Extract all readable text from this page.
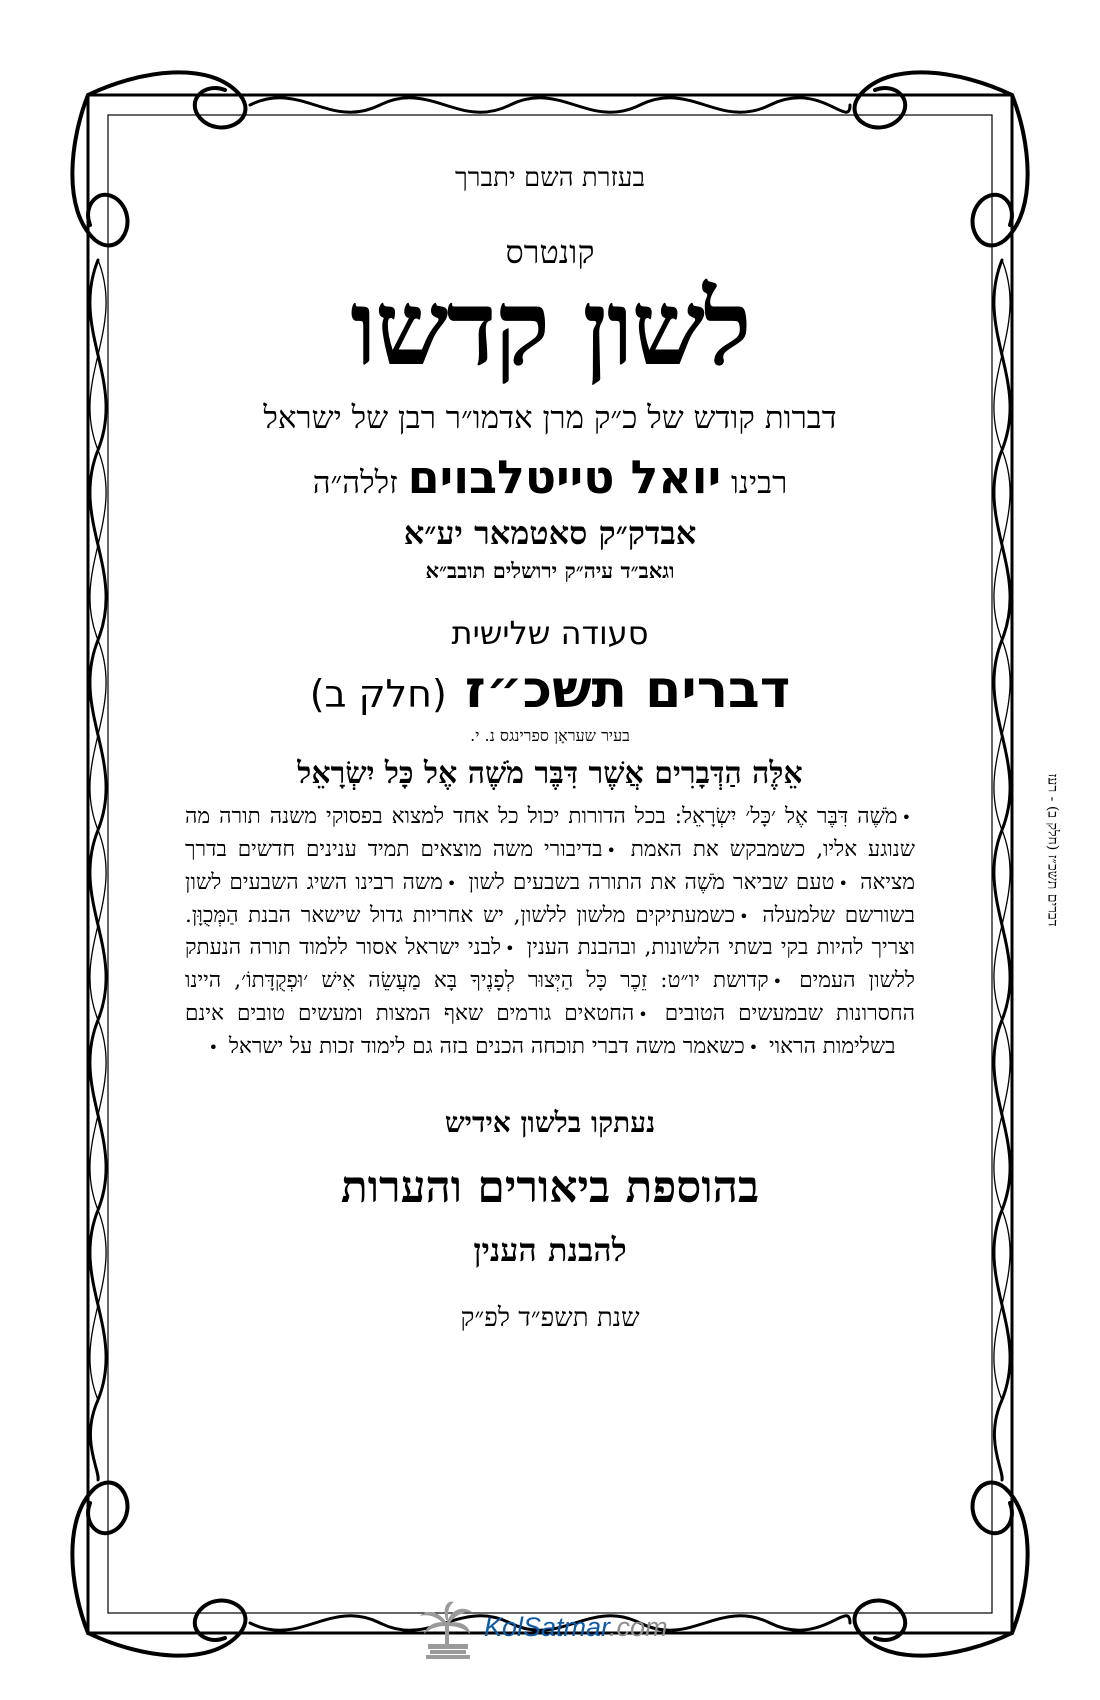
בעזרת השם יתברך
קונטרס
לשון קדשו
דברות קודש של כ״ק מרן אדמו״ר רבן של ישראל
רבינו יואל טייטלבוים זללה״ה
אבדק״ק סאטמאר יע״א
וגאב״ד עיה״ק ירושלים תובב״א
סעודה שלישית
דברים תשכ״ז (חלק ב)
בעיר שעראָן ספרינגס נ. י.
אֵלֶּה הַדְּבָרִים אֲשֶׁר דִּבֶּר מֹשֶׁה אֶל כָּל יִשְׂרָאֵל
•מֹשֶׁה דִּבֶּר אֶל ׳כָּל׳ יִשְׂרָאֵל: בכל הדורות יכול כל אחד למצוא בפסוקי משנה תורה מה שנוגע אליו, כשמבקש את האמת •בדיבורי משה מוצאים תמיד ענינים חדשים בדרך מציאה •טעם שביאר מֹשֶׁה את התורה בשבעים לשון •משה רבינו השיג השבעים לשון בשורשם שלמעלה •כשמעתיקים מלשון ללשון, יש אחריות גדול שישאר הבנת הַמְּכֻוָּן. וצריך להיות בקי בשתי הלשונות, ובהבנת הענין •לבני ישראל אסור ללמוד תורה הנעתק ללשון העמים •קדושת יו״ט: זֵכֶר כָּל הַיְּצוּר לְפָנֶיךָ בָּא מַעֲשֵׂה אִישׁ ׳וּפְקֻדָּתוֹ׳, היינו החסרונות שבמעשים הטובים •החטאים גורמים שאף המצות ומעשים טובים אינם בשלימות הראוי •כשאמר משה דברי תוכחה הכנים בזה גם לימוד זכות על ישראל •
נעתקו בלשון אידיש
בהוספת ביאורים והערות
להבנת הענין
שנת תשפ״ד לפ״ק
דברים תשכ״ז (חלק ב) - רעז
KolSatmar.com
